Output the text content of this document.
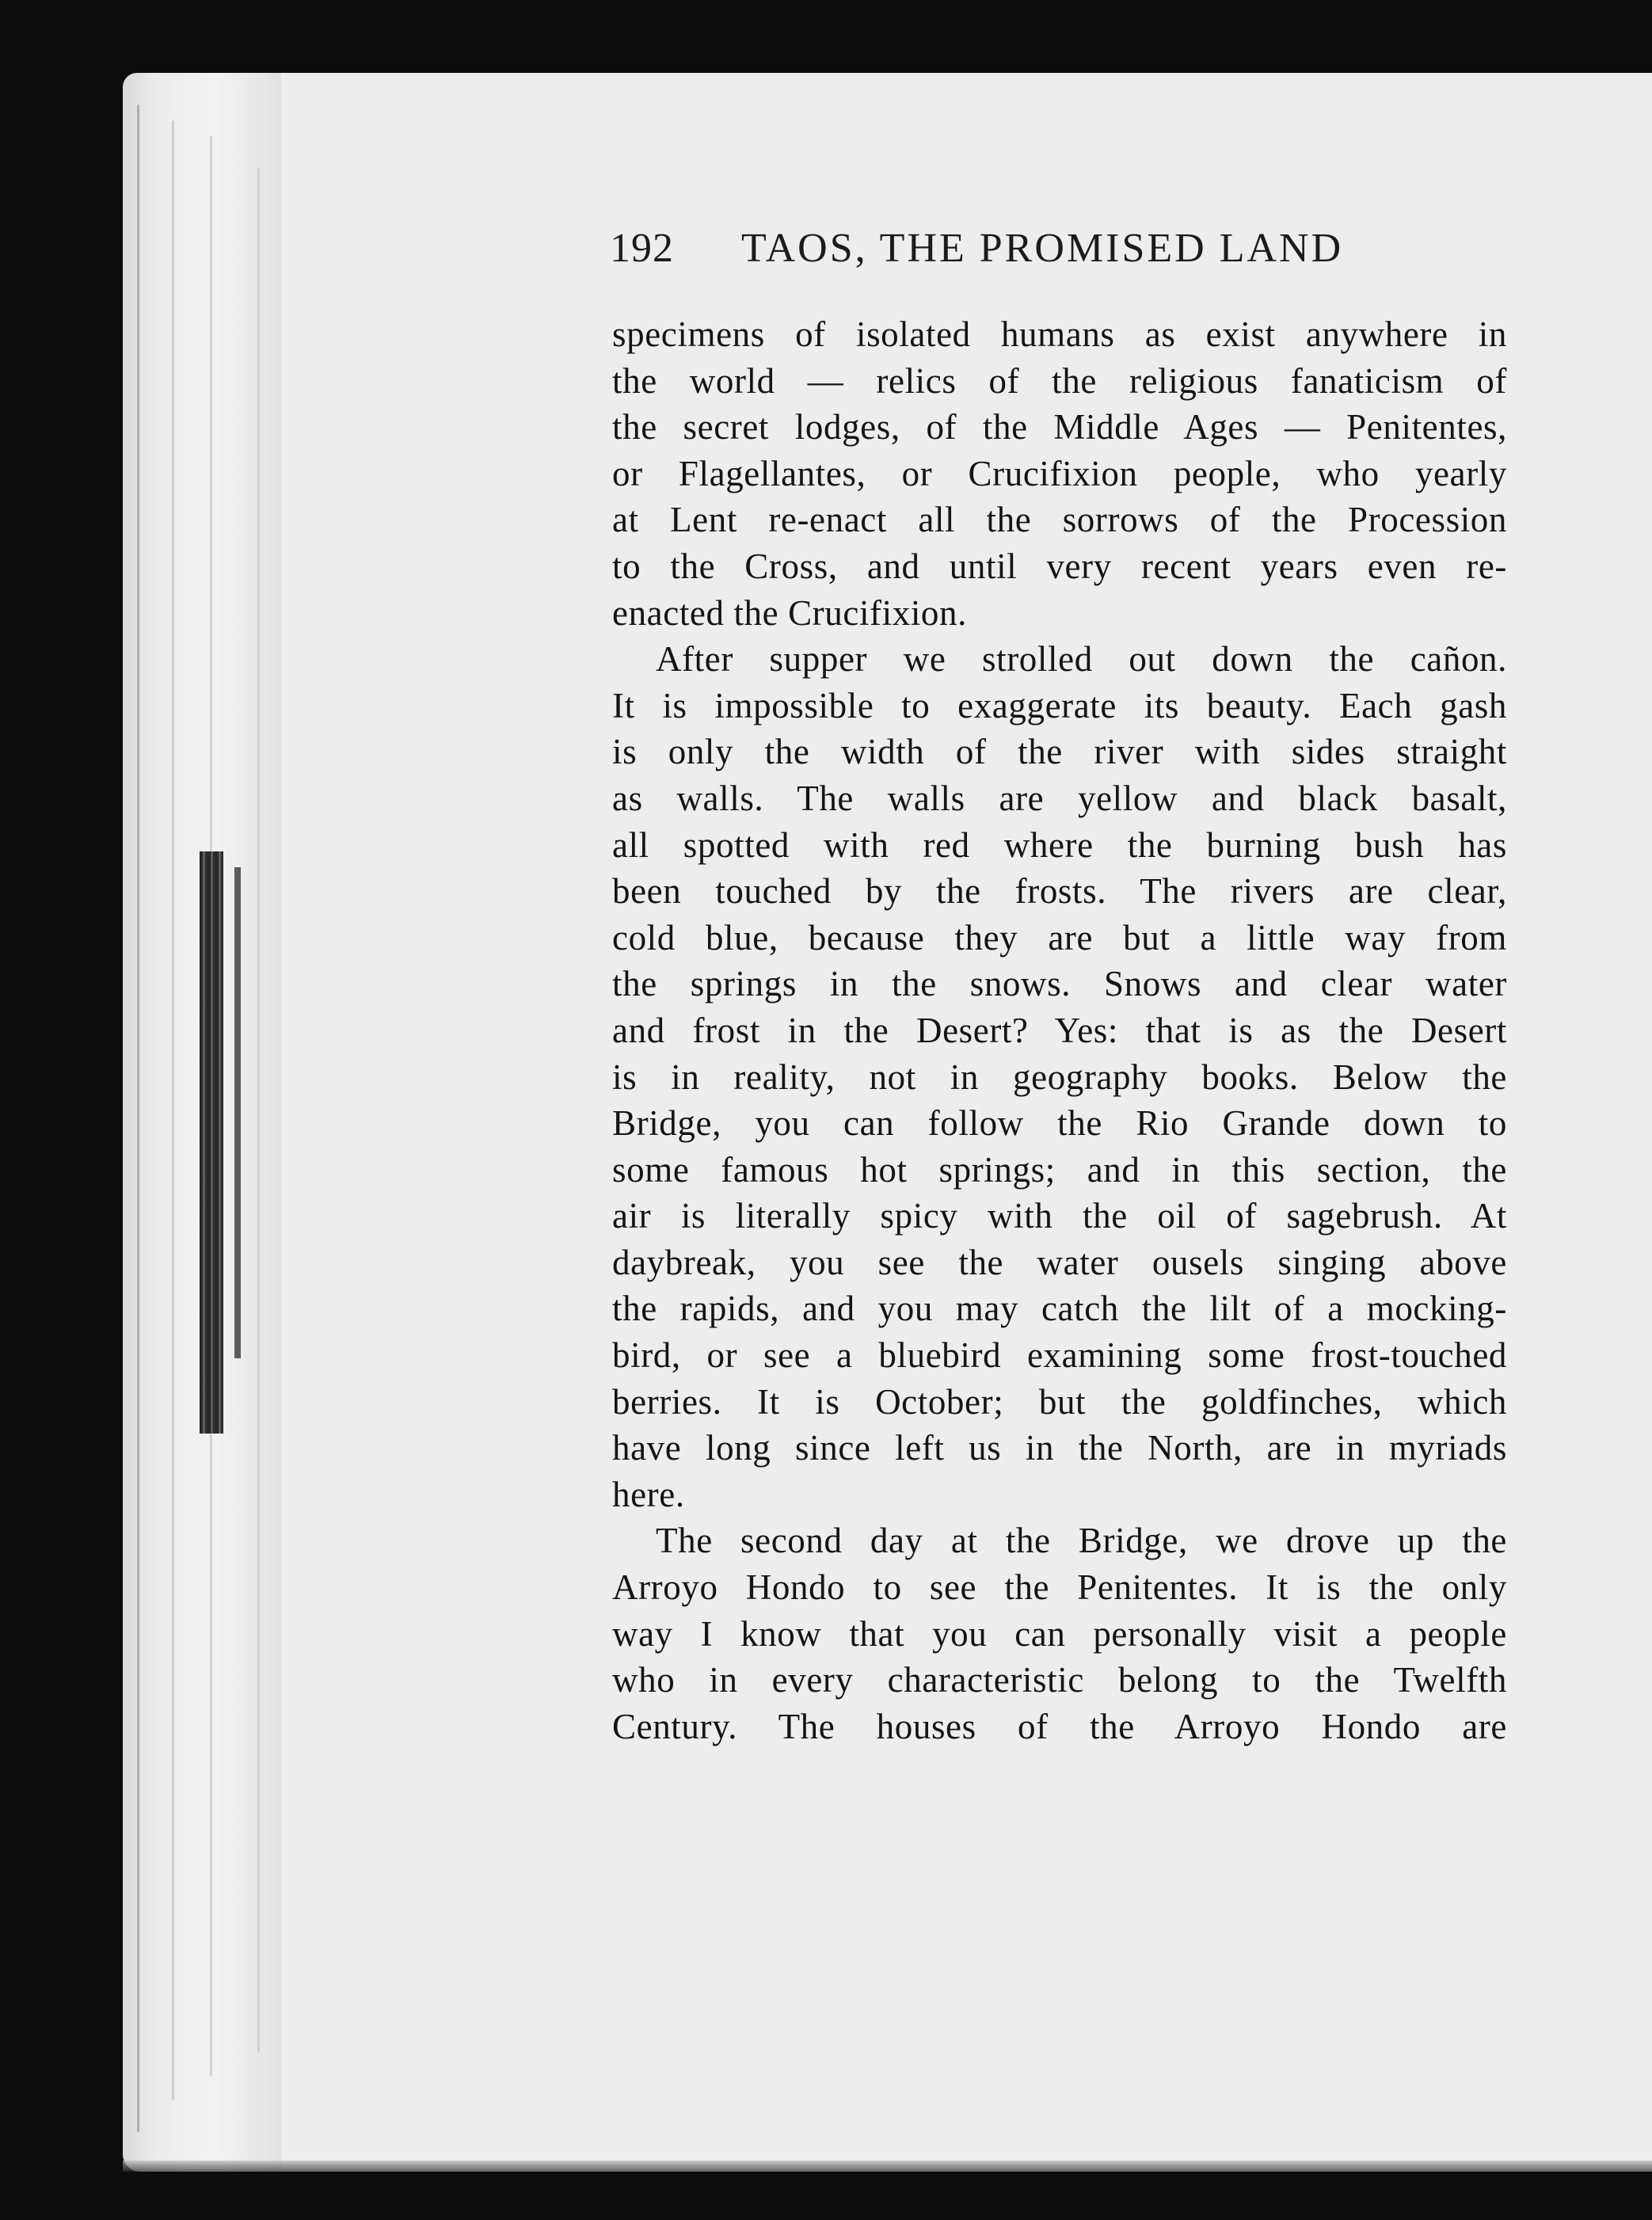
192 TAOS, THE PROMISED LAND
specimens of isolated humans as exist anywhere in
the world — relics of the religious fanaticism of
the secret lodges, of the Middle Ages — Penitentes,
or Flagellantes, or Crucifixion people, who yearly
at Lent re-enact all the sorrows of the Procession
to the Cross, and until very recent years even re-
enacted the Crucifixion.
After supper we strolled out down the cañon.
It is impossible to exaggerate its beauty. Each gash
is only the width of the river with sides straight
as walls. The walls are yellow and black basalt,
all spotted with red where the burning bush has
been touched by the frosts. The rivers are clear,
cold blue, because they are but a little way from
the springs in the snows. Snows and clear water
and frost in the Desert? Yes: that is as the Desert
is in reality, not in geography books. Below the
Bridge, you can follow the Rio Grande down to
some famous hot springs; and in this section, the
air is literally spicy with the oil of sagebrush. At
daybreak, you see the water ousels singing above
the rapids, and you may catch the lilt of a mocking-
bird, or see a bluebird examining some frost-touched
berries. It is October; but the goldfinches, which
have long since left us in the North, are in myriads
here.
The second day at the Bridge, we drove up the
Arroyo Hondo to see the Penitentes. It is the only
way I know that you can personally visit a people
who in every characteristic belong to the Twelfth
Century. The houses of the Arroyo Hondo are
